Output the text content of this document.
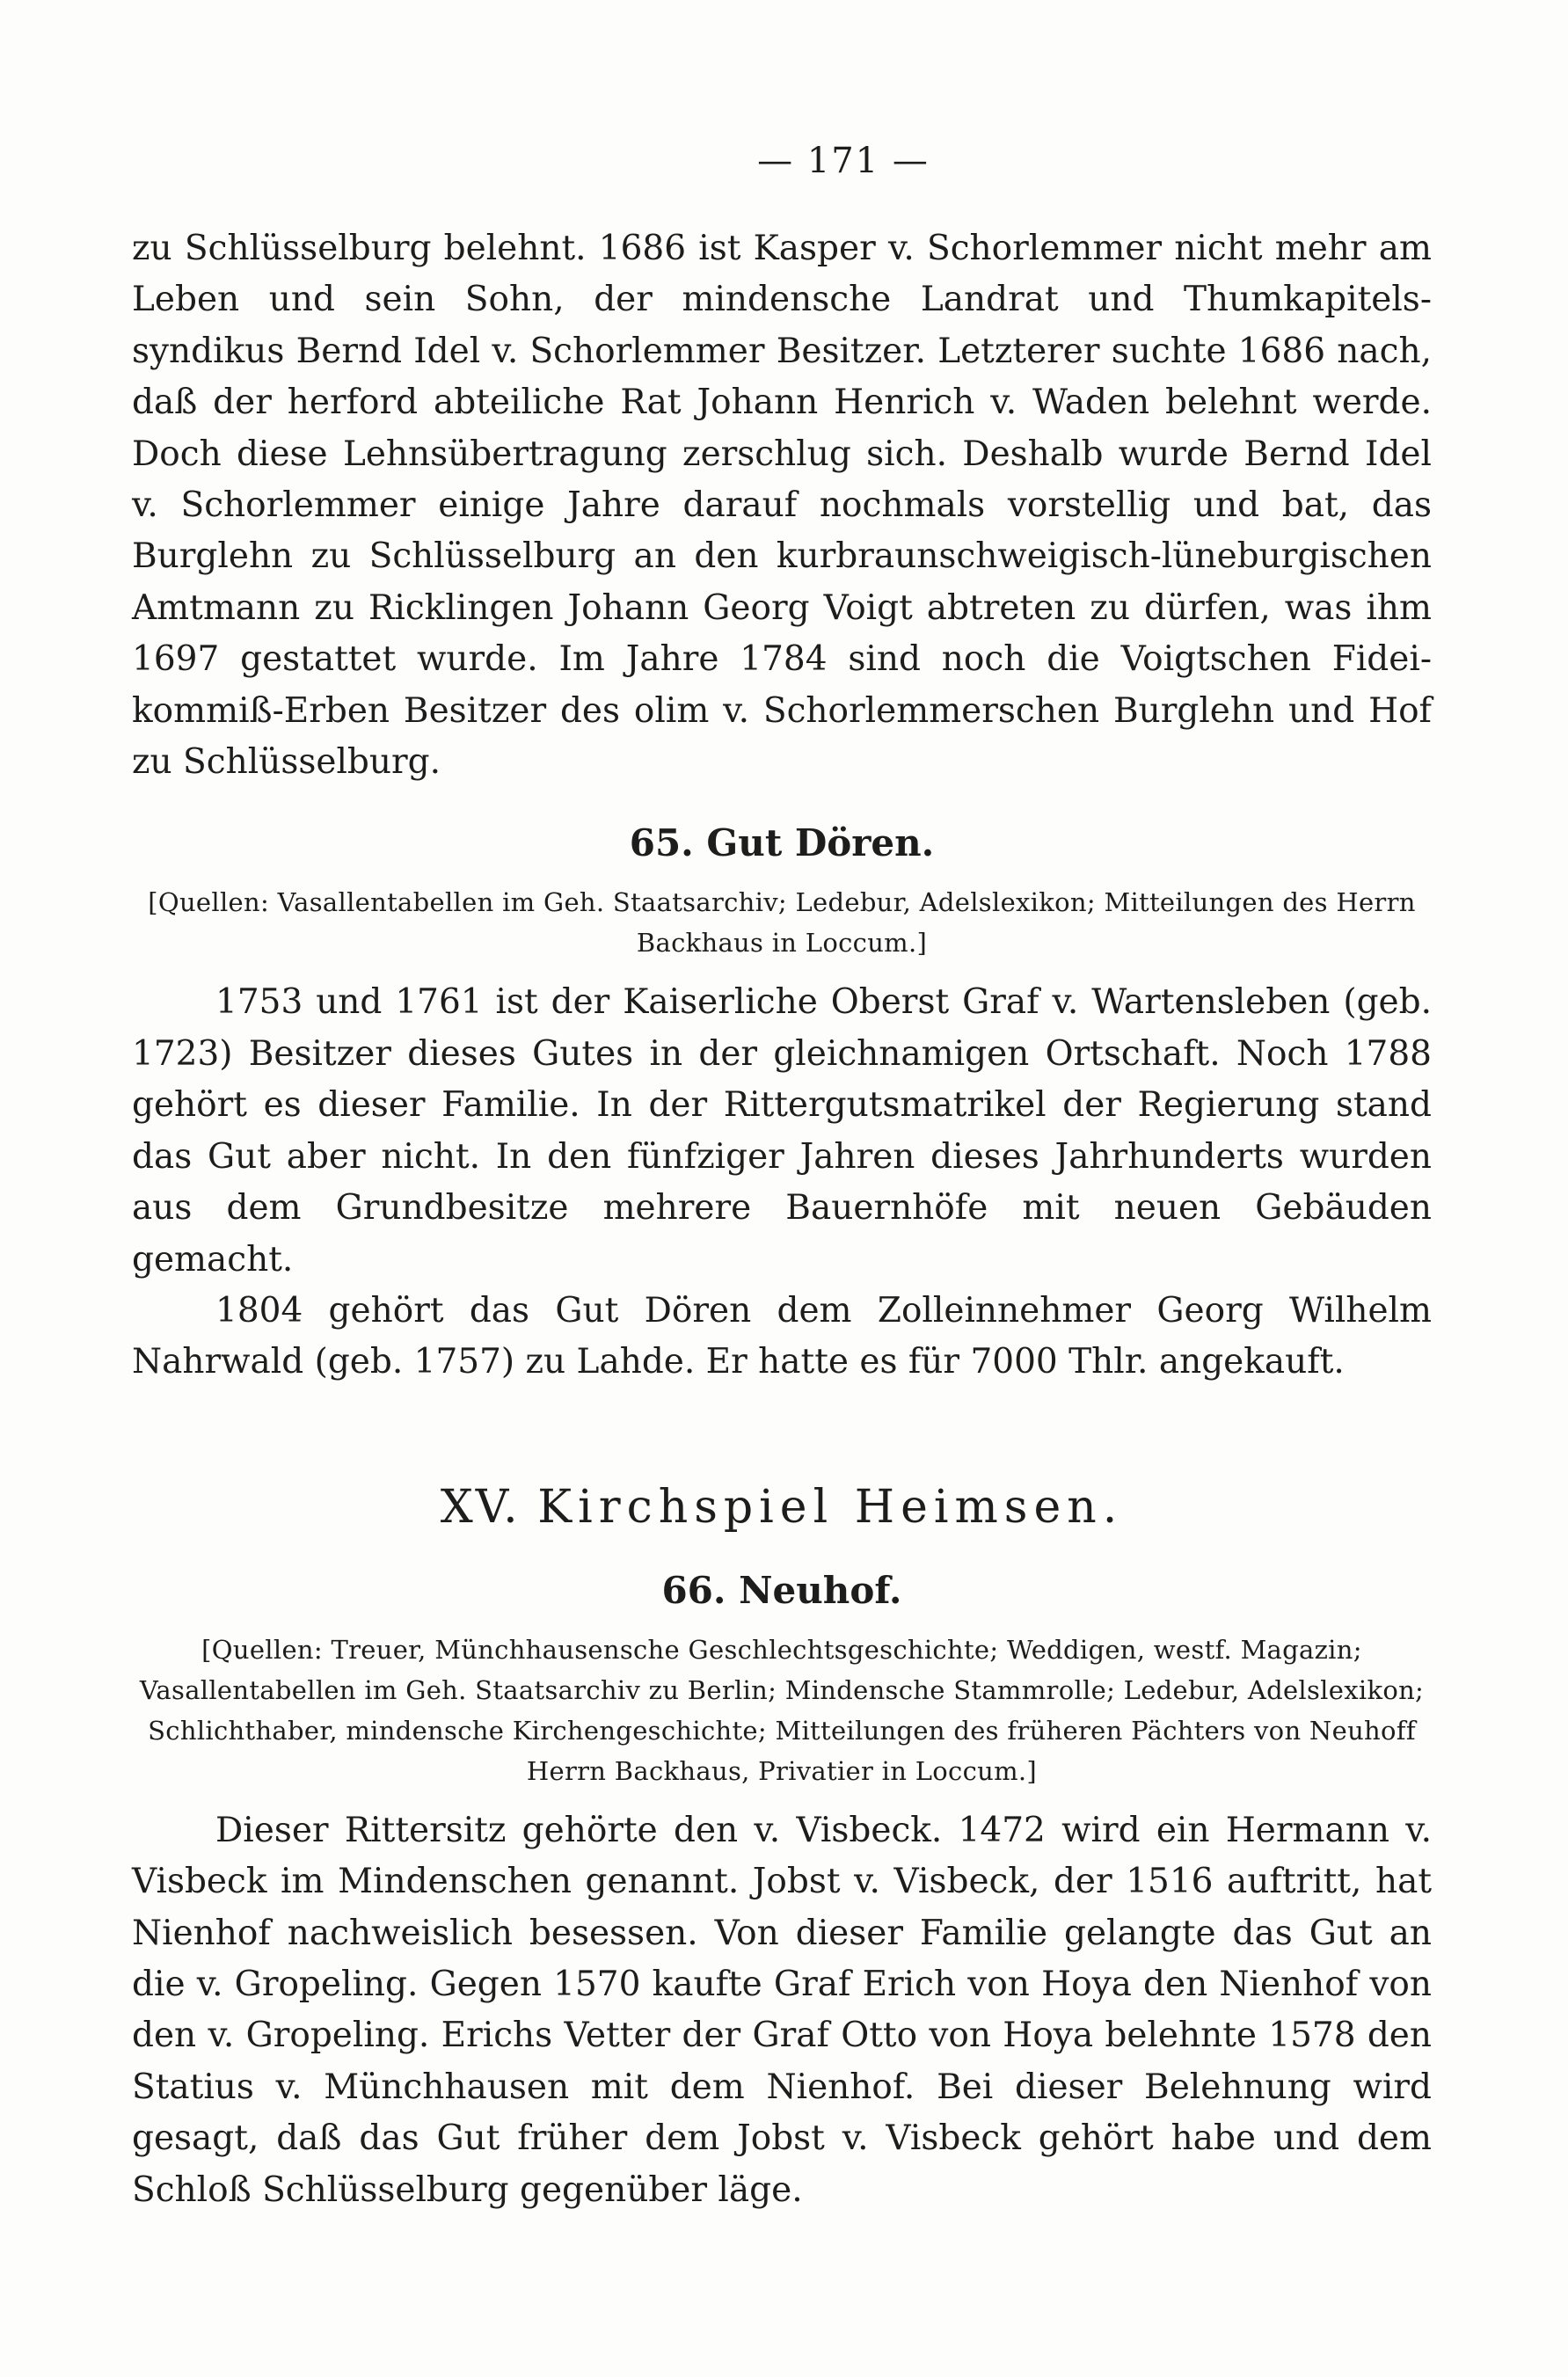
— 171 —

zu Schlüsselburg belehnt. 1686 ist Kasper v. Schorlemmer nicht mehr am Leben und sein Sohn, der mindensche Landrat und Thumkapitels-syndikus Bernd Idel v. Schorlemmer Besitzer. Letzterer suchte 1686 nach, daß der herford abteiliche Rat Johann Henrich v. Waden belehnt werde. Doch diese Lehnsübertragung zerschlug sich. Deshalb wurde Bernd Idel v. Schorlemmer einige Jahre darauf nochmals vorstellig und bat, das Burglehn zu Schlüsselburg an den kurbraunschweigisch-lüneburgischen Amtmann zu Ricklingen Johann Georg Voigt abtreten zu dürfen, was ihm 1697 gestattet wurde. Im Jahre 1784 sind noch die Voigtschen Fidei-kommiß-Erben Besitzer des olim v. Schorlemmerschen Burglehn und Hof zu Schlüsselburg.

65. Gut Dören.

[Quellen: Vasallentabellen im Geh. Staatsarchiv; Ledebur, Adelslexikon; Mitteilungen des Herrn Backhaus in Loccum.]

1753 und 1761 ist der Kaiserliche Oberst Graf v. Wartensleben (geb. 1723) Besitzer dieses Gutes in der gleichnamigen Ortschaft. Noch 1788 gehört es dieser Familie. In der Rittergutsmatrikel der Regierung stand das Gut aber nicht. In den fünfziger Jahren dieses Jahrhunderts wurden aus dem Grundbesitze mehrere Bauernhöfe mit neuen Gebäuden gemacht.

1804 gehört das Gut Dören dem Zolleinnehmer Georg Wilhelm Nahrwald (geb. 1757) zu Lahde. Er hatte es für 7000 Thlr. angekauft.

XV. Kirchspiel Heimsen.
66. Neuhof.

[Quellen: Treuer, Münchhausensche Geschlechtsgeschichte; Weddigen, westf. Magazin; Vasallentabellen im Geh. Staatsarchiv zu Berlin; Mindensche Stammrolle; Ledebur, Adelslexikon; Schlichthaber, mindensche Kirchengeschichte; Mitteilungen des früheren Pächters von Neuhoff Herrn Backhaus, Privatier in Loccum.]

Dieser Rittersitz gehörte den v. Visbeck. 1472 wird ein Hermann v. Visbeck im Mindenschen genannt. Jobst v. Visbeck, der 1516 auftritt, hat Nienhof nachweislich besessen. Von dieser Familie gelangte das Gut an die v. Gropeling. Gegen 1570 kaufte Graf Erich von Hoya den Nienhof von den v. Gropeling. Erichs Vetter der Graf Otto von Hoya belehnte 1578 den Statius v. Münchhausen mit dem Nienhof. Bei dieser Belehnung wird gesagt, daß das Gut früher dem Jobst v. Visbeck gehört habe und dem Schloß Schlüsselburg gegenüber läge.
